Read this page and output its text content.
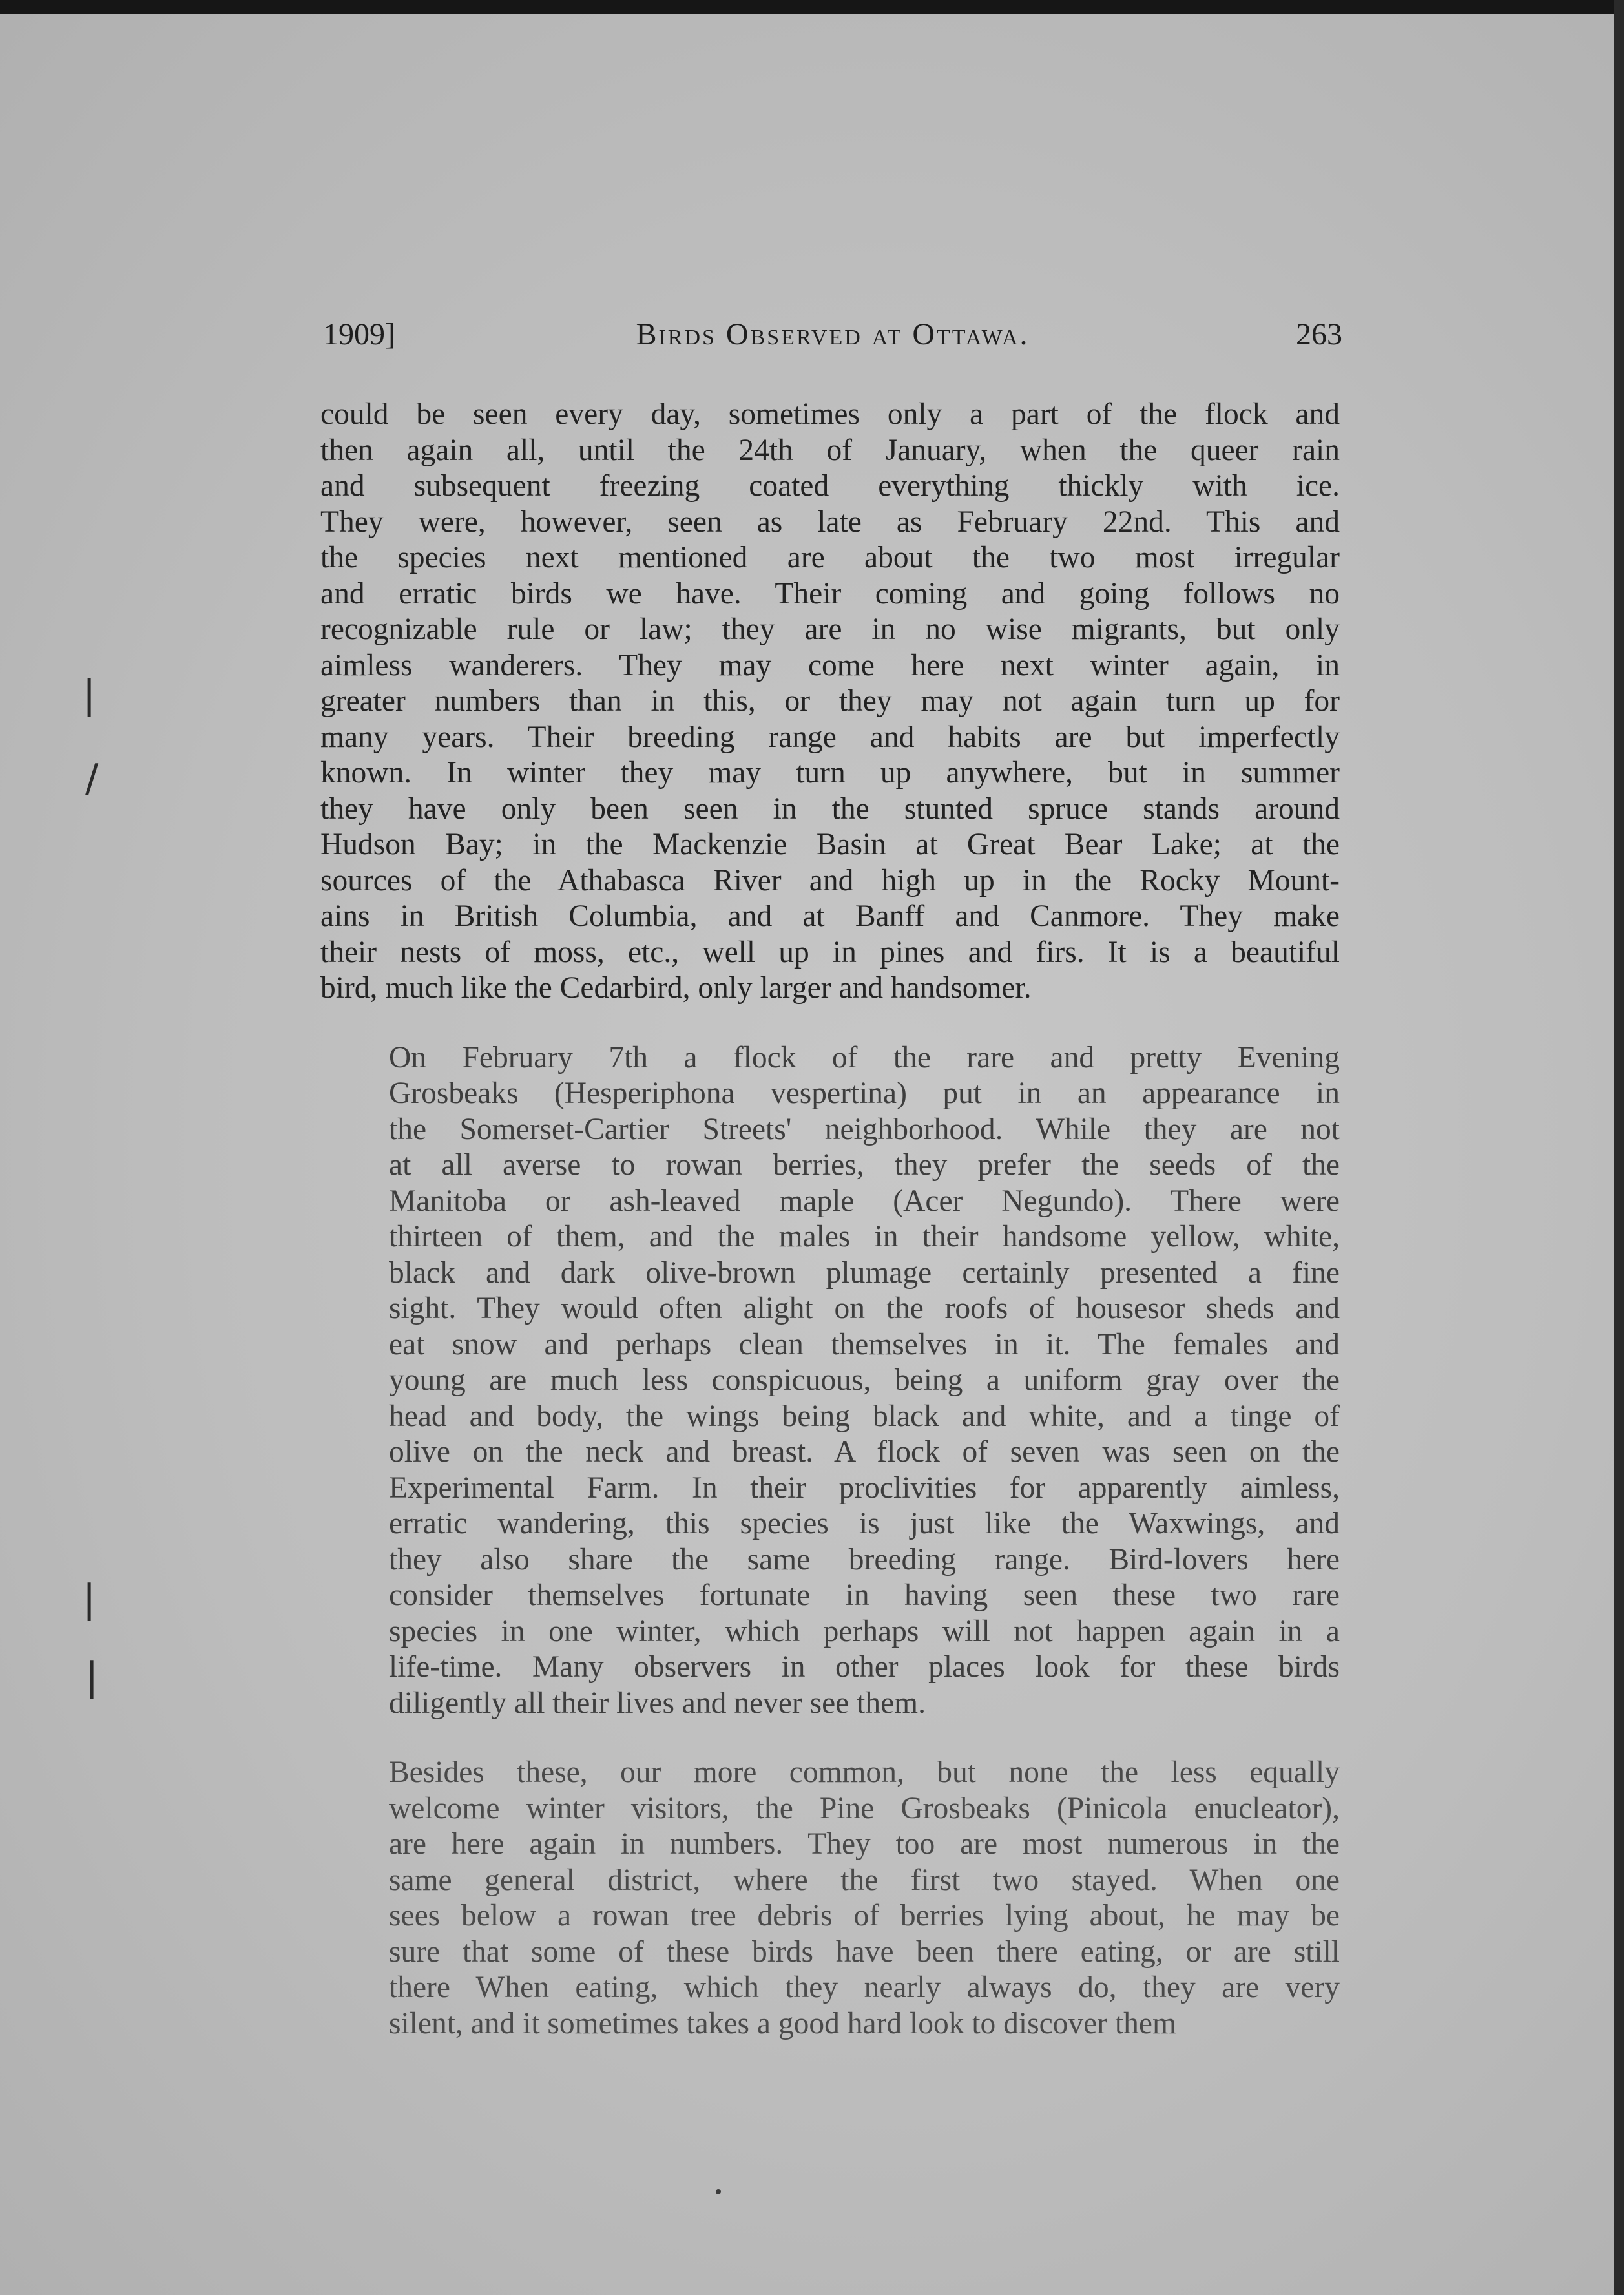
1909]	Birds Observed at Ottawa.	263
could be seen every day, sometimes only a part of the flock and
then again all, until the 24th of January, when the queer rain
and subsequent freezing coated everything thickly with ice.
They were, however, seen as late as February 22nd. This and
the species next mentioned are about the two most irregular
and erratic birds we have. Their coming and going follows no
recognizable rule or law; they are in no wise migrants, but only
aimless wanderers. They may come here next winter again, in
greater numbers than in this, or they may not again turn up for
many years. Their breeding range and habits are but imperfectly
known. In winter they may turn up anywhere, but in summer
they have only been seen in the stunted spruce stands around
Hudson Bay; in the Mackenzie Basin at Great Bear Lake; at the
sources of the Athabasca River and high up in the Rocky Mount-
ains in British Columbia, and at Banff and Canmore. They make
their nests of moss, etc., well up in pines and firs. It is a beautiful
bird, much like the Cedarbird, only larger and handsomer.
On February 7th a flock of the rare and pretty Evening
Grosbeaks (Hesperiphona vespertina) put in an appearance in
the Somerset-Cartier Streets' neighborhood. While they are not
at all averse to rowan berries, they prefer the seeds of the
Manitoba or ash-leaved maple (Acer Negundo). There were
thirteen of them, and the males in their handsome yellow, white,
black and dark olive-brown plumage certainly presented a fine
sight. They would often alight on the roofs of housesor sheds and
eat snow and perhaps clean themselves in it. The females and
young are much less conspicuous, being a uniform gray over the
head and body, the wings being black and white, and a tinge of
olive on the neck and breast. A flock of seven was seen on the
Experimental Farm. In their proclivities for apparently aimless,
erratic wandering, this species is just like the Waxwings, and
they also share the same breeding range. Bird-lovers here
consider themselves fortunate in having seen these two rare
species in one winter, which perhaps will not happen again in a
life-time. Many observers in other places look for these birds
diligently all their lives and never see them.
Besides these, our more common, but none the less equally
welcome winter visitors, the Pine Grosbeaks (Pinicola enucleator),
are here again in numbers. They too are most numerous in the
same general district, where the first two stayed. When one
sees below a rowan tree debris of berries lying about, he may be
sure that some of these birds have been there eating, or are still
there When eating, which they nearly always do, they are very
silent, and it sometimes takes a good hard look to discover them
|
/
|
|
